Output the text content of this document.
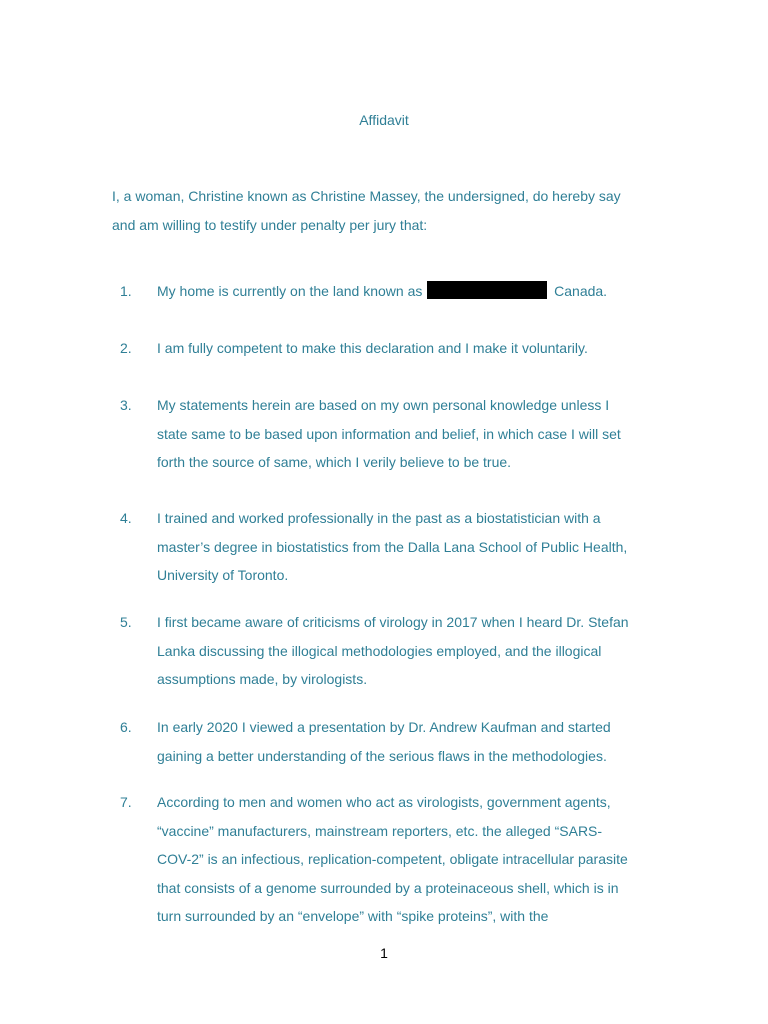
Affidavit
I, a woman, Christine known as Christine Massey, the undersigned, do hereby say and am willing to testify under penalty per jury that:
1.	My home is currently on the land known as	Canada.
2.	I am fully competent to make this declaration and I make it voluntarily.
3.	My statements herein are based on my own personal knowledge unless I state same to be based upon information and belief, in which case I will set forth the source of same, which I verily believe to be true.
4.	I trained and worked professionally in the past as a biostatistician with a master’s degree in biostatistics from the Dalla Lana School of Public Health, University of Toronto.
5.	I first became aware of criticisms of virology in 2017 when I heard Dr. Stefan Lanka discussing the illogical methodologies employed, and the illogical assumptions made, by virologists.
6.	In early 2020 I viewed a presentation by Dr. Andrew Kaufman and started gaining a better understanding of the serious flaws in the methodologies.
7.	According to men and women who act as virologists, government agents, “vaccine” manufacturers, mainstream reporters, etc. the alleged “SARS-COV-2” is an infectious, replication-competent, obligate intracellular parasite that consists of a genome surrounded by a proteinaceous shell, which is in turn surrounded by an “envelope” with “spike proteins”, with the
1
